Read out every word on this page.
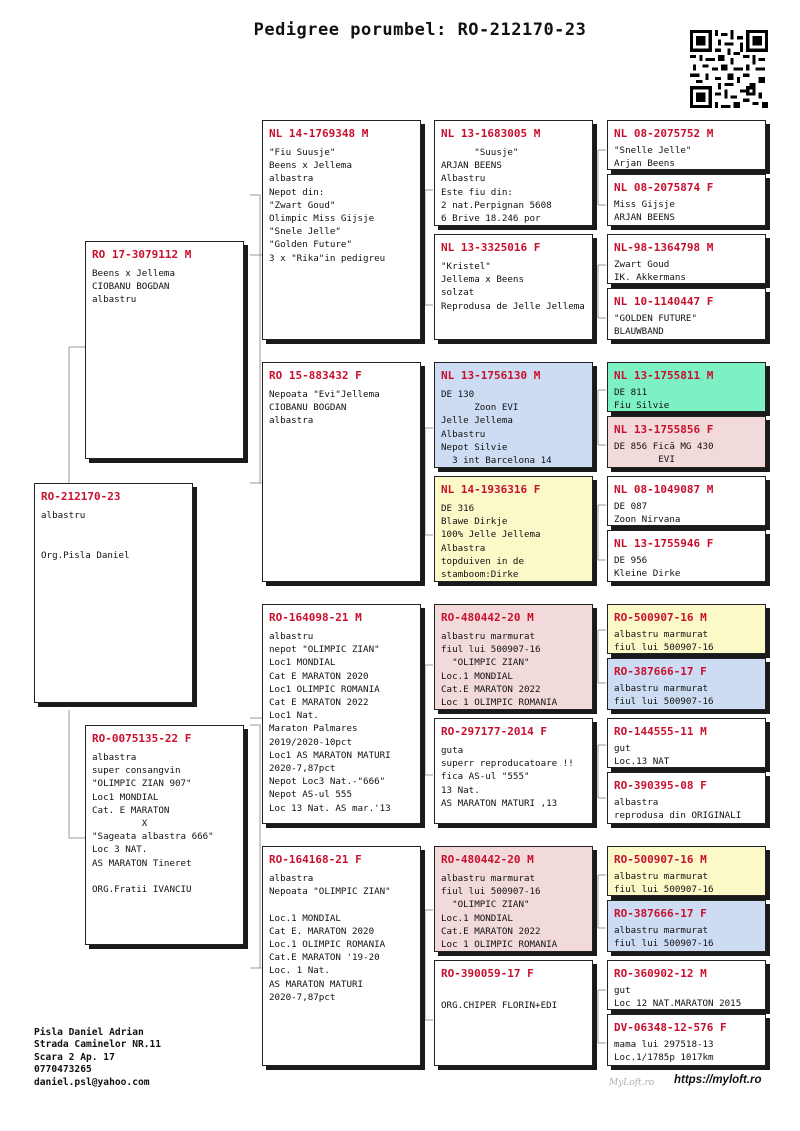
Pedigree porumbel: RO-212170-23
RO-212170-23
albastru

Org.Pisla Daniel
RO 17-3079112 M
Beens x Jellema
CIOBANU BOGDAN
albastru
RO-0075135-22 F
albastra
super consangvin
"OLIMPIC ZIAN 907"
Loc1 MONDIAL
Cat. E MARATON
X
"Sageata albastra 666"
Loc 3 NAT.
AS MARATON Tineret

ORG.Fratii IVANCIU
NL 14-1769348 M
"Fiu Suusje"
Beens x Jellema
albastra
Nepot din:
"Zwart Goud"
Olimpic Miss Gijsje
"Snele Jelle"
"Golden Future"
3 x "Rika"in pedigreu
RO 15-883432 F
Nepoata "Evi"Jellema
CIOBANU BOGDAN
albastra
RO-164098-21 M
albastru
nepot "OLIMPIC ZIAN"
Loc1 MONDIAL
Cat E MARATON 2020
Loc1 OLIMPIC ROMANIA
Cat E MARATON 2022
Loc1 Nat.
Maraton Palmares
2019/2020-10pct
Loc1 AS MARATON MATURI
2020-7,87pct
Nepot Loc3 Nat.-"666"
Nepot AS-ul 555
Loc 13 Nat. AS mar.'13
RO-164168-21 F
albastra
Nepoata "OLIMPIC ZIAN"

Loc.1 MONDIAL
Cat E. MARATON 2020
Loc.1 OLIMPIC ROMANIA
Cat.E MARATON '19-20
Loc. 1 Nat.
AS MARATON MATURI
2020-7,87pct
NL 13-1683005 M
"Suusje"
ARJAN BEENS
Albastru
Este fiu din:
2 nat.Perpignan 5608
6 Brive 18.246 por
NL 13-3325016 F
"Kristel"
Jellema x Beens
solzat
Reprodusa de Jelle Jellema
NL 13-1756130 M
DE 130
Zoon EVI
Jelle Jellema
Albastru
Nepot Silvie
3 int Barcelona 14
NL 14-1936316 F
DE 316
Blawe Dirkje
100% Jelle Jellema
Albastra
topduiven in de
stamboom:Dirke
RO-480442-20 M
albastru marmurat
fiul lui 500907-16
"OLIMPIC ZIAN"
Loc.1 MONDIAL
Cat.E MARATON 2022
Loc 1 OLIMPIC ROMANIA
RO-297177-2014 F
guta
superr reproducatoare !!
fica AS-ul "555"
13 Nat.
AS MARATON MATURI ,13
RO-480442-20 M
albastru marmurat
fiul lui 500907-16
"OLIMPIC ZIAN"
Loc.1 MONDIAL
Cat.E MARATON 2022
Loc 1 OLIMPIC ROMANIA
RO-390059-17 F

ORG.CHIPER FLORIN+EDI
NL 08-2075752 M
"Snelle Jelle"
Arjan Beens
NL 08-2075874 F
Miss Gijsje
ARJAN BEENS
NL-98-1364798 M
Zwart Goud
IK. Akkermans
NL 10-1140447 F
"GOLDEN FUTURE"
BLAUWBAND
NL 13-1755811 M
DE 811
Fiu Silvie
NL 13-1755856 F
DE 856 Fică MG 430
EVI
NL 08-1049087 M
DE 087
Zoon Nirvana
NL 13-1755946 F
DE 956
Kleine Dirke
RO-500907-16 M
albastru marmurat
fiul lui 500907-16
RO-387666-17 F
albastru marmurat
fiul lui 500907-16
RO-144555-11 M
gut
Loc.13 NAT
RO-390395-08 F
albastra
reprodusa din ORIGINALI
RO-500907-16 M
albastru marmurat
fiul lui 500907-16
RO-387666-17 F
albastru marmurat
fiul lui 500907-16
RO-360902-12 M
gut
Loc 12 NAT.MARATON 2015
DV-06348-12-576 F
mama lui 297518-13
Loc.1/1785p 1017km
Pisla Daniel Adrian
Strada Caminelor NR.11
Scara 2 Ap. 17
0770473265
daniel.psl@yahoo.com	MyLoft.ro https://myloft.ro
